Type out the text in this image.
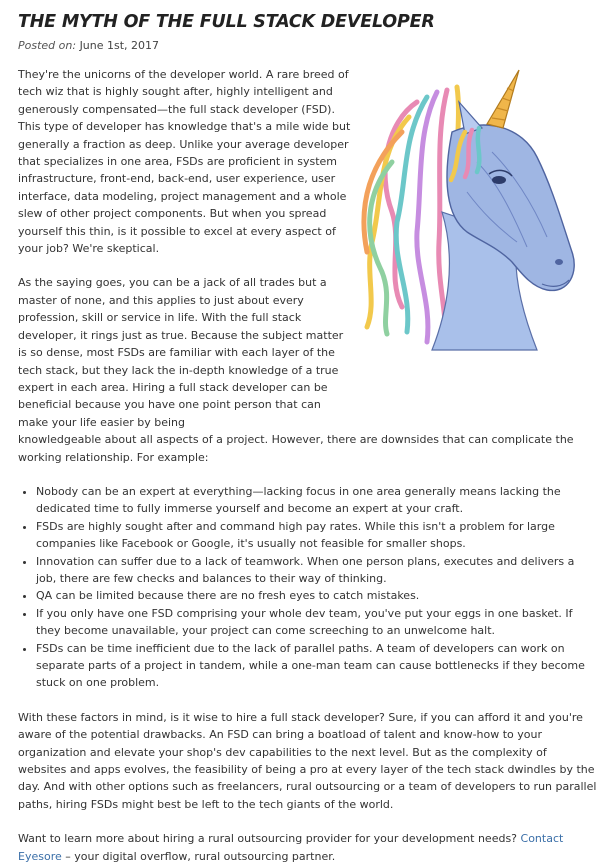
THE MYTH OF THE FULL STACK DEVELOPER
Posted on: June 1st, 2017

They're the unicorns of the developer world. A rare breed of tech wiz that is highly sought after, highly intelligent and generously compensated—the full stack developer (FSD). This type of developer has knowledge that's a mile wide but generally a fraction as deep. Unlike your average developer that specializes in one area, FSDs are proficient in system infrastructure, front-end, back-end, user experience, user interface, data modeling, project management and a whole slew of other project components. But when you spread yourself this thin, is it possible to excel at every aspect of your job? We're skeptical.

As the saying goes, you can be a jack of all trades but a master of none, and this applies to just about every profession, skill or service in life. With the full stack developer, it rings just as true. Because the subject matter is so dense, most FSDs are familiar with each layer of the tech stack, but they lack the in-depth knowledge of a true expert in each area. Hiring a full stack developer can be beneficial because you have one point person that can make your life easier by being

knowledgeable about all aspects of a project. However, there are downsides that can complicate the working relationship. For example:

• Nobody can be an expert at everything—lacking focus in one area generally means lacking the dedicated time to fully immerse yourself and become an expert at your craft.
• FSDs are highly sought after and command high pay rates. While this isn't a problem for large companies like Facebook or Google, it's usually not feasible for smaller shops.
• Innovation can suffer due to a lack of teamwork. When one person plans, executes and delivers a job, there are few checks and balances to their way of thinking.
• QA can be limited because there are no fresh eyes to catch mistakes.
• If you only have one FSD comprising your whole dev team, you've put your eggs in one basket. If they become unavailable, your project can come screeching to an unwelcome halt.
• FSDs can be time inefficient due to the lack of parallel paths. A team of developers can work on separate parts of a project in tandem, while a one-man team can cause bottlenecks if they become stuck on one problem.

With these factors in mind, is it wise to hire a full stack developer? Sure, if you can afford it and you're aware of the potential drawbacks. An FSD can bring a boatload of talent and know-how to your organization and elevate your shop's dev capabilities to the next level. But as the complexity of websites and apps evolves, the feasibility of being a pro at every layer of the tech stack dwindles by the day. And with other options such as freelancers, rural outsourcing or a team of developers to run parallel paths, hiring FSDs might best be left to the tech giants of the world.

Want to learn more about hiring a rural outsourcing provider for your development needs? Contact Eyesore – your digital overflow, rural outsourcing partner.
